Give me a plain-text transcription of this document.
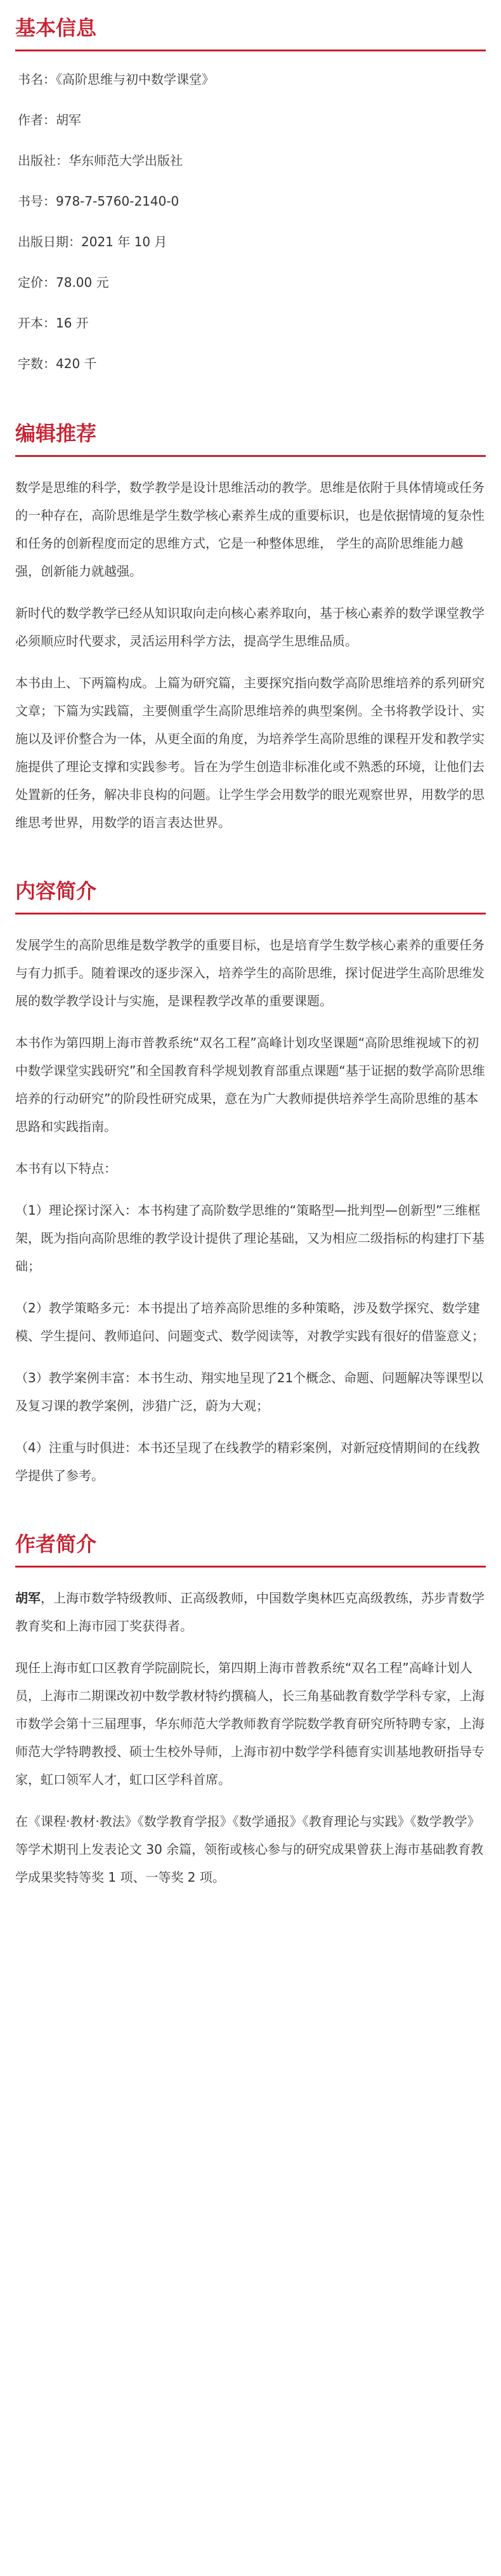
基本信息
书名：《高阶思维与初中数学课堂》
作者：胡军
出版社：华东师范大学出版社
书号：978-7-5760-2140-0
出版日期：2021 年 10 月
定价：78.00 元
开本：16 开
字数：420 千
编辑推荐

数学是思维的科学，数学教学是设计思维活动的教学。思维是依附于具体情境或任务的一种存在，高阶思维是学生数学核心素养生成的重要标识，也是依据情境的复杂性和任务的创新程度而定的思维方式，它是一种整体思维， 学生的高阶思维能力越强，创新能力就越强。

新时代的数学教学已经从知识取向走向核心素养取向，基于核心素养的数学课堂教学必须顺应时代要求，灵活运用科学方法，提高学生思维品质。

本书由上、下两篇构成。上篇为研究篇，主要探究指向数学高阶思维培养的系列研究文章；下篇为实践篇，主要侧重学生高阶思维培养的典型案例。全书将教学设计、实施以及评价整合为一体，从更全面的角度，为培养学生高阶思维的课程开发和教学实施提供了理论支撑和实践参考。旨在为学生创造非标准化或不熟悉的环境，让他们去处置新的任务，解决非良构的问题。让学生学会用数学的眼光观察世界，用数学的思维思考世界，用数学的语言表达世界。

内容简介

发展学生的高阶思维是数学教学的重要目标，也是培育学生数学核心素养的重要任务与有力抓手。随着课改的逐步深入，培养学生的高阶思维，探讨促进学生高阶思维发展的数学教学设计与实施，是课程教学改革的重要课题。

本书作为第四期上海市普教系统“双名工程”高峰计划攻坚课题“高阶思维视域下的初中数学课堂实践研究”和全国教育科学规划教育部重点课题“基于证据的数学高阶思维培养的行动研究”的阶段性研究成果，意在为广大教师提供培养学生高阶思维的基本思路和实践指南。

本书有以下特点：

（1）理论探讨深入：本书构建了高阶数学思维的“策略型—批判型—创新型”三维框架，既为指向高阶思维的教学设计提供了理论基础，又为相应二级指标的构建打下基础；

（2）教学策略多元：本书提出了培养高阶思维的多种策略，涉及数学探究、数学建模、学生提问、教师追问、问题变式、数学阅读等，对教学实践有很好的借鉴意义；

（3）教学案例丰富：本书生动、翔实地呈现了21个概念、命题、问题解决等课型以及复习课的教学案例，涉猎广泛，蔚为大观；

（4）注重与时俱进：本书还呈现了在线教学的精彩案例，对新冠疫情期间的在线教学提供了参考。

作者简介

胡军，上海市数学特级教师、正高级教师，中国数学奥林匹克高级教练，苏步青数学教育奖和上海市园丁奖获得者。

现任上海市虹口区教育学院副院长，第四期上海市普教系统“双名工程”高峰计划人员，上海市二期课改初中数学教材特约撰稿人，长三角基础教育数学学科专家，上海市数学会第十三届理事，华东师范大学教师教育学院数学教育研究所特聘专家，上海师范大学特聘教授、硕士生校外导师，上海市初中数学学科德育实训基地教研指导专家，虹口领军人才，虹口区学科首席。

在《课程·教材·教法》《数学教育学报》《数学通报》《教育理论与实践》《数学教学》等学术期刊上发表论文 30 余篇，领衔或核心参与的研究成果曾获上海市基础教育教学成果奖特等奖 1 项、一等奖 2 项。
